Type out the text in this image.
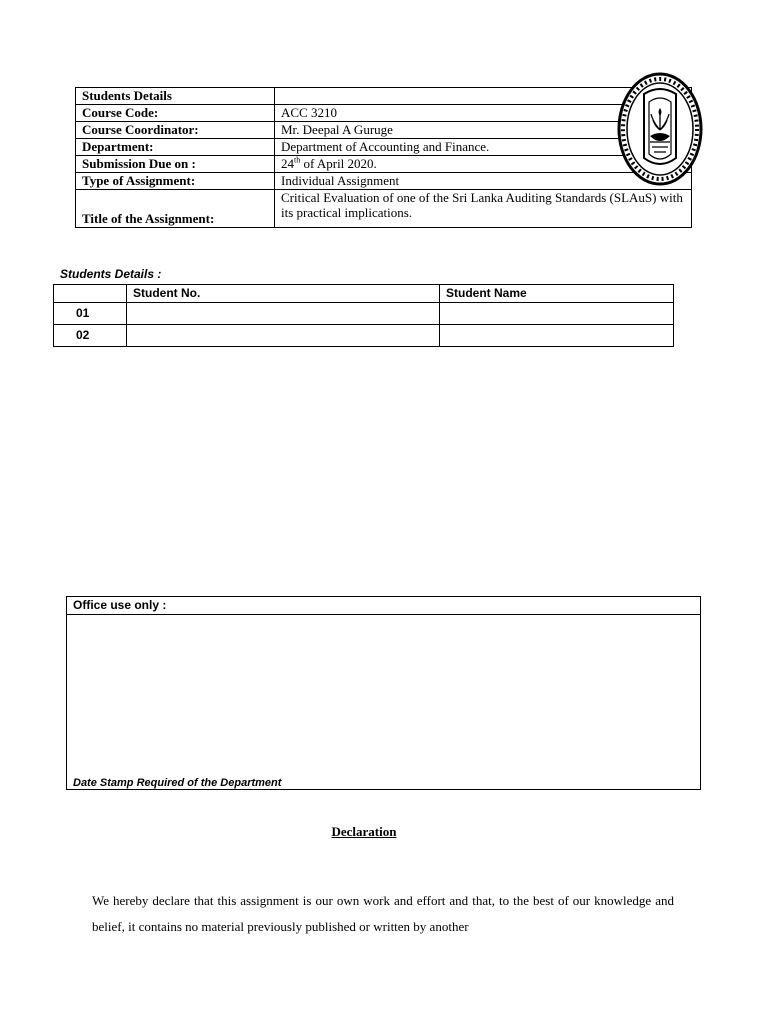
Students Details	
Course Code:	ACC 3210
Course Coordinator:	Mr. Deepal A Guruge
Department:	Department of Accounting and Finance.
Submission Due on :	24th of April 2020.
Type of Assignment:	Individual Assignment
Title of the Assignment:	Critical Evaluation of one of the Sri Lanka Auditing Standards (SLAuS) with its practical implications.
Students Details :
	Student No.	Student Name
01		
02		
Office use only :
Date Stamp Required of the Department
Declaration
We hereby declare that this assignment is our own work and effort and that, to the best of our knowledge and belief, it contains no material previously published or written by another
